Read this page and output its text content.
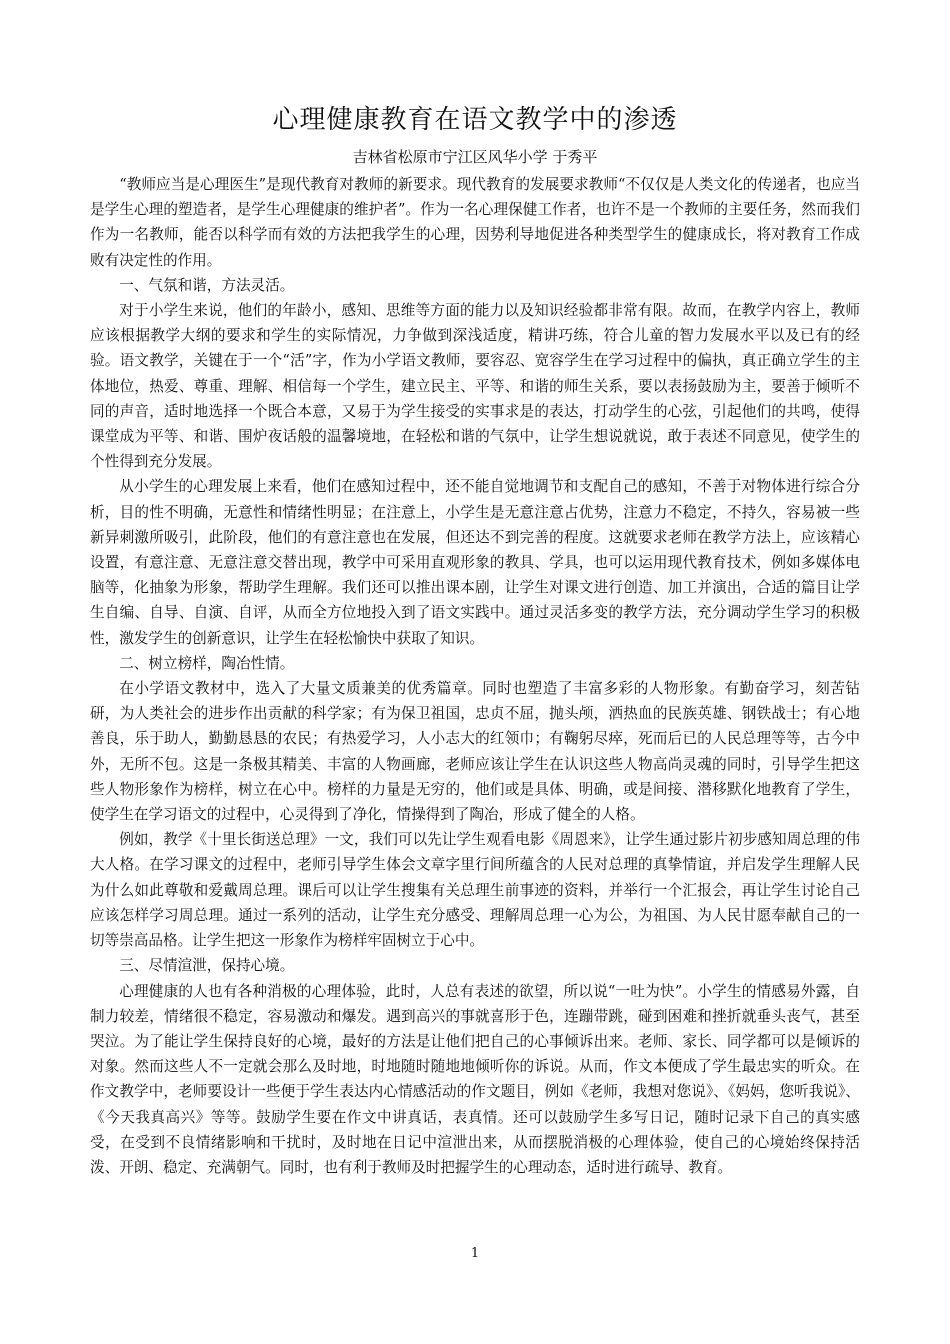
心理健康教育在语文教学中的渗透
吉林省松原市宁江区风华小学 于秀平

“教师应当是心理医生”是现代教育对教师的新要求。现代教育的发展要求教师“不仅仅是人类文化的传递者，也应当是学生心理的塑造者，是学生心理健康的维护者”。作为一名心理保健工作者，也许不是一个教师的主要任务，然而我们作为一名教师，能否以科学而有效的方法把我学生的心理，因势利导地促进各种类型学生的健康成长，将对教育工作成败有决定性的作用。

一、气氛和谐，方法灵活。

对于小学生来说，他们的年龄小，感知、思维等方面的能力以及知识经验都非常有限。故而，在教学内容上，教师应该根据教学大纲的要求和学生的实际情况，力争做到深浅适度，精讲巧练，符合儿童的智力发展水平以及已有的经验。语文教学，关键在于一个“活”字，作为小学语文教师，要容忍、宽容学生在学习过程中的偏执，真正确立学生的主体地位，热爱、尊重、理解、相信每一个学生，建立民主、平等、和谐的师生关系，要以表扬鼓励为主，要善于倾听不同的声音，适时地选择一个既合本意，又易于为学生接受的实事求是的表达，打动学生的心弦，引起他们的共鸣，使得课堂成为平等、和谐、围炉夜话般的温馨境地，在轻松和谐的气氛中，让学生想说就说，敢于表述不同意见，使学生的个性得到充分发展。

从小学生的心理发展上来看，他们在感知过程中，还不能自觉地调节和支配自己的感知，不善于对物体进行综合分析，目的性不明确，无意性和情绪性明显；在注意上，小学生是无意注意占优势，注意力不稳定，不持久，容易被一些新异刺激所吸引，此阶段，他们的有意注意也在发展，但还达不到完善的程度。这就要求老师在教学方法上，应该精心设置，有意注意、无意注意交替出现，教学中可采用直观形象的教具、学具，也可以运用现代教育技术，例如多媒体电脑等，化抽象为形象，帮助学生理解。我们还可以推出课本剧，让学生对课文进行创造、加工并演出，合适的篇目让学生自编、自导、自演、自评，从而全方位地投入到了语文实践中。通过灵活多变的教学方法，充分调动学生学习的积极性，激发学生的创新意识，让学生在轻松愉快中获取了知识。

二、树立榜样，陶冶性情。

在小学语文教材中，选入了大量文质兼美的优秀篇章。同时也塑造了丰富多彩的人物形象。有勤奋学习，刻苦钻研，为人类社会的进步作出贡献的科学家；有为保卫祖国，忠贞不屈，抛头颅，洒热血的民族英雄、钢铁战士；有心地善良，乐于助人，勤勤恳恳的农民；有热爱学习，人小志大的红领巾；有鞠躬尽瘁，死而后已的人民总理等等，古今中外，无所不包。这是一条极其精美、丰富的人物画廊，老师应该让学生在认识这些人物高尚灵魂的同时，引导学生把这些人物形象作为榜样，树立在心中。榜样的力量是无穷的，他们或是具体、明确，或是间接、潜移默化地教育了学生，使学生在学习语文的过程中，心灵得到了净化，情操得到了陶冶，形成了健全的人格。

例如，教学《十里长街送总理》一文，我们可以先让学生观看电影《周恩来》，让学生通过影片初步感知周总理的伟大人格。在学习课文的过程中，老师引导学生体会文章字里行间所蕴含的人民对总理的真挚情谊，并启发学生理解人民为什么如此尊敬和爱戴周总理。课后可以让学生搜集有关总理生前事迹的资料，并举行一个汇报会，再让学生讨论自己应该怎样学习周总理。通过一系列的活动，让学生充分感受、理解周总理一心为公，为祖国、为人民甘愿奉献自己的一切等崇高品格。让学生把这一形象作为榜样牢固树立于心中。

三、尽情渲泄，保持心境。

心理健康的人也有各种消极的心理体验，此时，人总有表述的欲望，所以说“一吐为快”。小学生的情感易外露，自制力较差，情绪很不稳定，容易激动和爆发。遇到高兴的事就喜形于色，连蹦带跳，碰到困难和挫折就垂头丧气，甚至哭泣。为了能让学生保持良好的心境，最好的方法是让他们把自己的心事倾诉出来。老师、家长、同学都可以是倾诉的对象。然而这些人不一定就会那么及时地，时地随时随地地倾听你的诉说。从而，作文本便成了学生最忠实的听众。在作文教学中，老师要设计一些便于学生表达内心情感活动的作文题目，例如《老师，我想对您说》、《妈妈，您听我说》、《今天我真高兴》等等。鼓励学生要在作文中讲真话，表真情。还可以鼓励学生多写日记，随时记录下自己的真实感受，在受到不良情绪影响和干扰时，及时地在日记中渲泄出来，从而摆脱消极的心理体验，使自己的心境始终保持活泼、开朗、稳定、充满朝气。同时，也有利于教师及时把握学生的心理动态，适时进行疏导、教育。

1
